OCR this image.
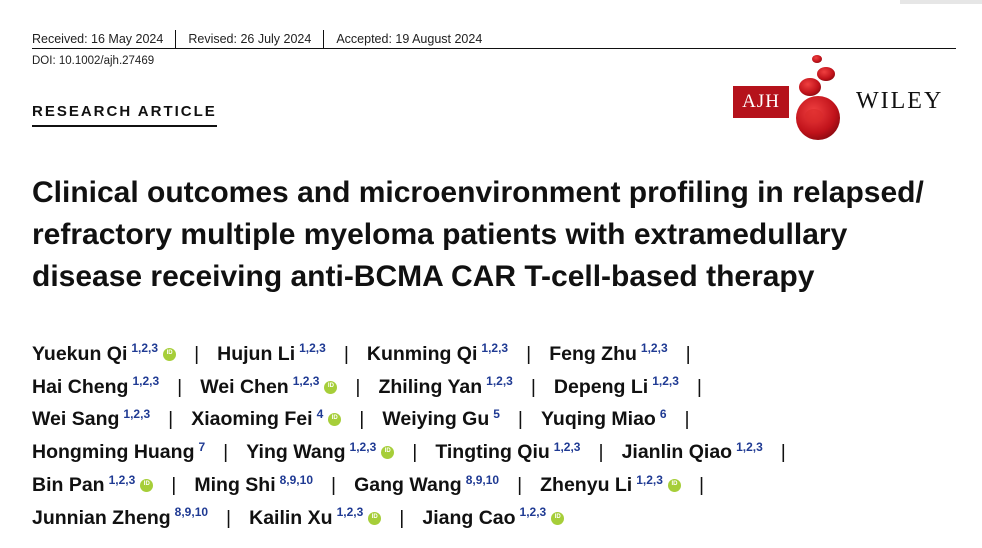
Received: 16 May 2024 Revised: 26 July 2024 Accepted: 19 August 2024
DOI: 10.1002/ajh.27469
RESEARCH ARTICLE	AJH	WILEY
Clinical outcomes and microenvironment profiling in relapsed/
refractory multiple myeloma patients with extramedullary
disease receiving anti-BCMA CAR T-cell-based therapy
Yuekun Qi $^{1,2,3}$ ID | Hujun Li $^{1,2,3}$ | Kunming Qi $^{1,2,3}$ | Feng Zhu $^{1,2,3}$ |
Hai Cheng $^{1,2,3}$ | Wei Chen $^{1,2,3}$ ID | Zhiling Yan $^{1,2,3}$ | Depeng Li $^{1,2,3}$ |
Wei Sang $^{1,2,3}$ | Xiaoming Fei $^4$ ID | Weiying Gu $^5$ | Yuqing Miao $^6$ |
Hongming Huang $^7$ | Ying Wang $^{1,2,3}$ ID | Tingting Qiu $^{1,2,3}$ | Jianlin Qiao $^{1,2,3}$ |
Bin Pan $^{1,2,3}$ ID | Ming Shi $^{8,9,10}$ | Gang Wang $^{8,9,10}$ | Zhenyu Li $^{1,2,3}$ ID |
Junnian Zheng $^{8,9,10}$ | Kailin Xu $^{1,2,3}$ ID | Jiang Cao $^{1,2,3}$
ID
